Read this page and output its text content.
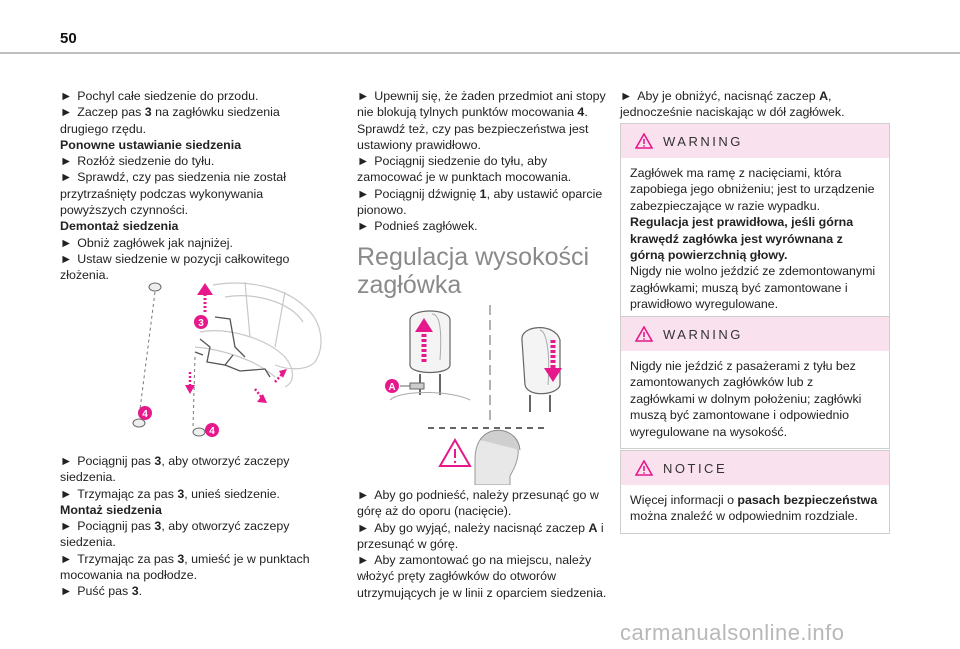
50

► Pochyl całe siedzenie do przodu.

► Zaczep pas 3 na zagłówku siedzenia drugiego rzędu.

Ponowne ustawianie siedzenia

► Rozłóż siedzenie do tyłu.

► Sprawdź, czy pas siedzenia nie został przytrzaśnięty podczas wykonywania powyższych czynności.

Demontaż siedzenia

► Obniż zagłówek jak najniżej.

► Ustaw siedzenie w pozycji całkowitego złożenia.

3
4
4

► Pociągnij pas 3, aby otworzyć zaczepy siedzenia.

► Trzymając za pas 3, unieś siedzenie.

Montaż siedzenia

► Pociągnij pas 3, aby otworzyć zaczepy siedzenia.

► Trzymając za pas 3, umieść je w punktach mocowania na podłodze.

► Puść pas 3.

► Upewnij się, że żaden przedmiot ani stopy nie blokują tylnych punktów mocowania 4. Sprawdź też, czy pas bezpieczeństwa jest ustawiony prawidłowo.

► Pociągnij siedzenie do tyłu, aby zamocować je w punktach mocowania.

► Pociągnij dźwignię 1, aby ustawić oparcie pionowo.

► Podnieś zagłówek.

Regulacja wysokości zagłówka
A

► Aby go podnieść, należy przesunąć go w górę aż do oporu (nacięcie).

► Aby go wyjąć, należy nacisnąć zaczep A i przesunąć w górę.

► Aby zamontować go na miejscu, należy włożyć pręty zagłówków do otworów utrzymujących je w linii z oparciem siedzenia.

► Aby je obniżyć, nacisnąć zaczep A, jednocześnie naciskając w dół zagłówek.

WARNING

Zagłówek ma ramę z nacięciami, która zapobiega jego obniżeniu; jest to urządzenie zabezpieczające w razie wypadku.

Regulacja jest prawidłowa, jeśli górna krawędź zagłówka jest wyrównana z górną powierzchnią głowy.

Nigdy nie wolno jeździć ze zdemontowanymi zagłówkami; muszą być zamontowane i prawidłowo wyregulowane.

WARNING

Nigdy nie jeździć z pasażerami z tyłu bez zamontowanych zagłówków lub z zagłówkami w dolnym położeniu; zagłówki muszą być zamontowane i odpowiednio wyregulowane na wysokość.

NOTICE

Więcej informacji o pasach bezpieczeństwa można znaleźć w odpowiednim rozdziale.

carmanualsonline.info
